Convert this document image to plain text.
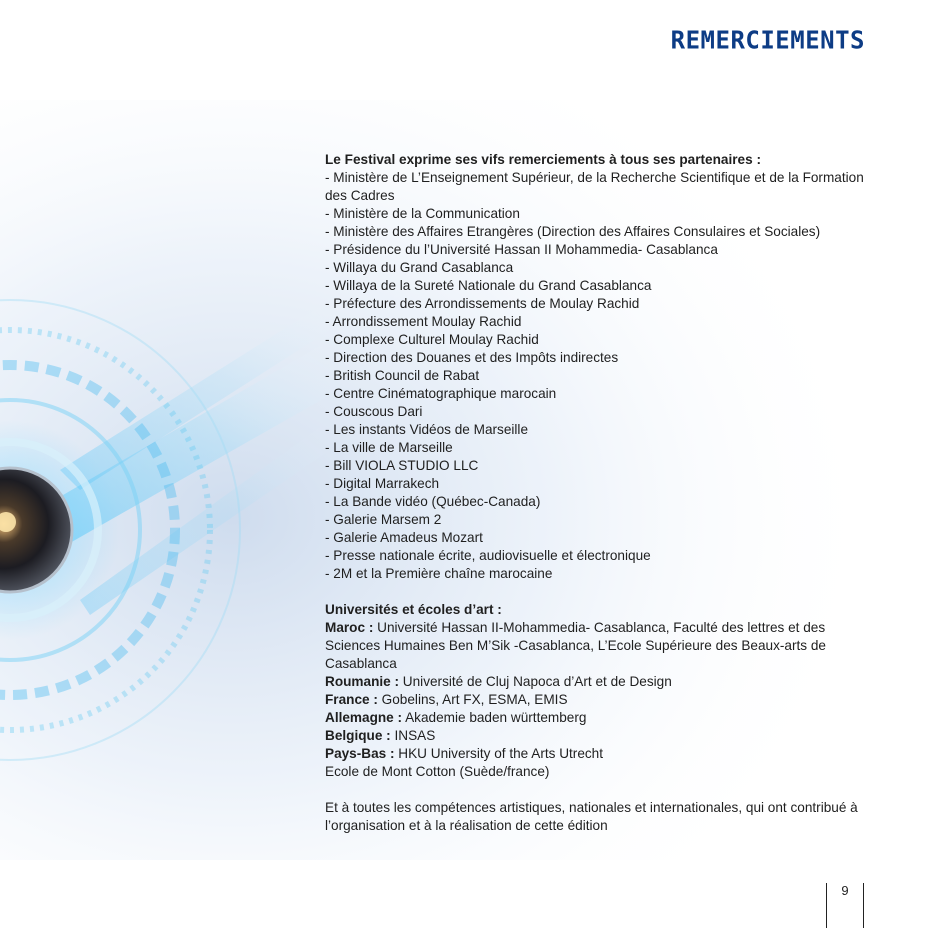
REMERCIEMENTS

Le Festival exprime ses vifs remerciements à tous ses partenaires :

- Ministère de L’Enseignement Supérieur, de la Recherche Scientifique et de la Formation des Cadres

- Ministère de la Communication

- Ministère des Affaires Etrangères (Direction des Affaires Consulaires et Sociales)

- Présidence du l’Université Hassan II Mohammedia- Casablanca

- Willaya du Grand Casablanca

- Willaya de la Sureté Nationale du Grand Casablanca

- Préfecture des Arrondissements de Moulay Rachid

- Arrondissement Moulay Rachid

- Complexe Culturel Moulay Rachid

- Direction des Douanes et des Impôts indirectes

- British Council de Rabat

- Centre Cinématographique marocain

- Couscous Dari

- Les instants Vidéos de Marseille

- La ville de Marseille

- Bill VIOLA STUDIO LLC

- Digital Marrakech

- La Bande vidéo (Québec-Canada)

- Galerie Marsem 2

- Galerie Amadeus Mozart

- Presse nationale écrite, audiovisuelle et électronique

- 2M et la Première chaîne marocaine

Universités et écoles d’art :

Maroc : Université Hassan II-Mohammedia- Casablanca, Faculté des lettres et des Sciences Humaines Ben M’Sik -Casablanca, L’Ecole Supérieure des Beaux-arts de Casablanca

Roumanie : Université de Cluj Napoca d’Art et de Design

France : Gobelins, Art FX, ESMA, EMIS

Allemagne : Akademie baden württemberg

Belgique : INSAS

Pays-Bas : HKU University of the Arts Utrecht

Ecole de Mont Cotton (Suède/france)

Et à toutes les compétences artistiques, nationales et internationales, qui ont contribué à l’organisation et à la réalisation de cette édition

9
